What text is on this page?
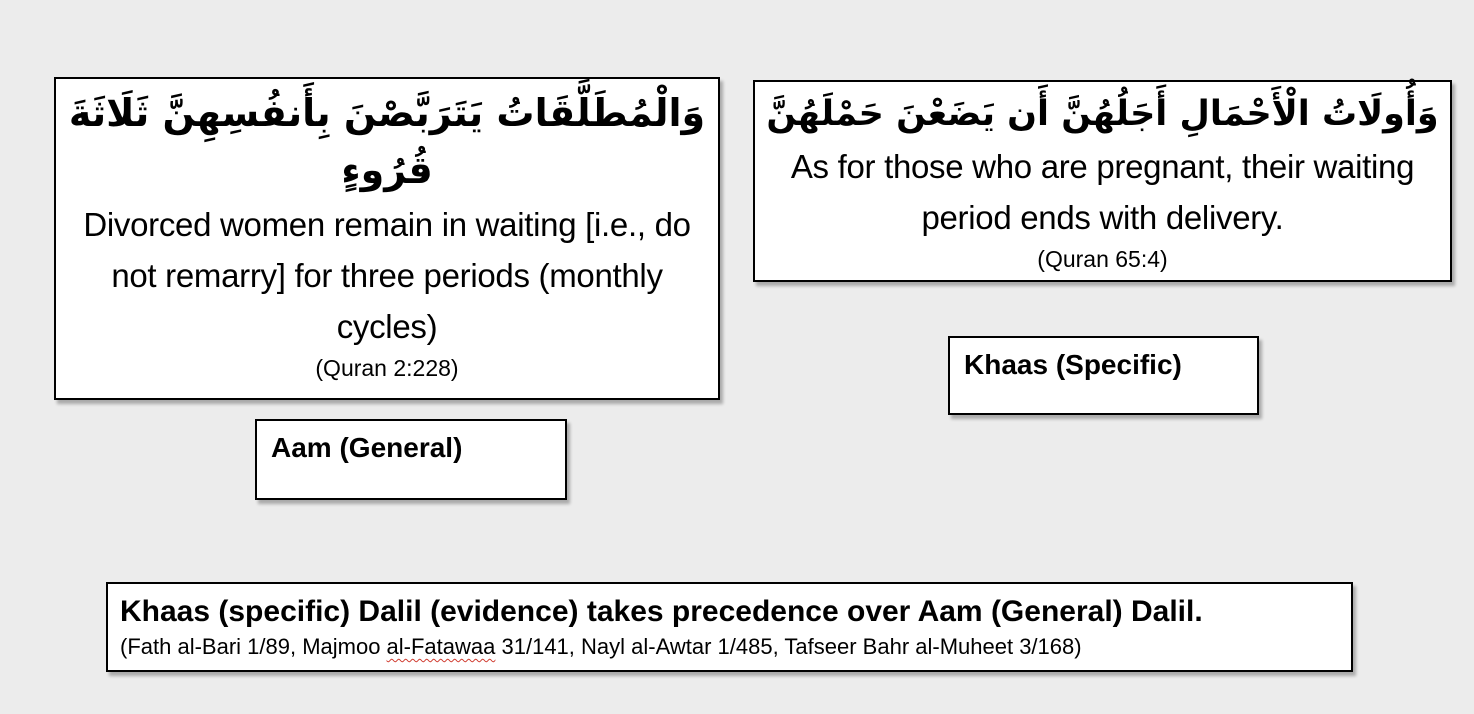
وَالْمُطَلَّقَاتُ يَتَرَبَّصْنَ بِأَنفُسِهِنَّ ثَلَاثَةَ قُرُوءٍ
Divorced women remain in waiting [i.e., do not remarry] for three periods (monthly cycles)
(Quran 2:228)
وَأُولَاتُ الْأَحْمَالِ أَجَلُهُنَّ أَن يَضَعْنَ حَمْلَهُنَّ
As for those who are pregnant, their waiting period ends with delivery.
(Quran 65:4)
Aam (General)
Khaas (Specific)
Khaas (specific) Dalil (evidence) takes precedence over Aam (General) Dalil.
(Fath al-Bari 1/89, Majmoo al-Fatawaa 31/141, Nayl al-Awtar 1/485, Tafseer Bahr al-Muheet 3/168)
